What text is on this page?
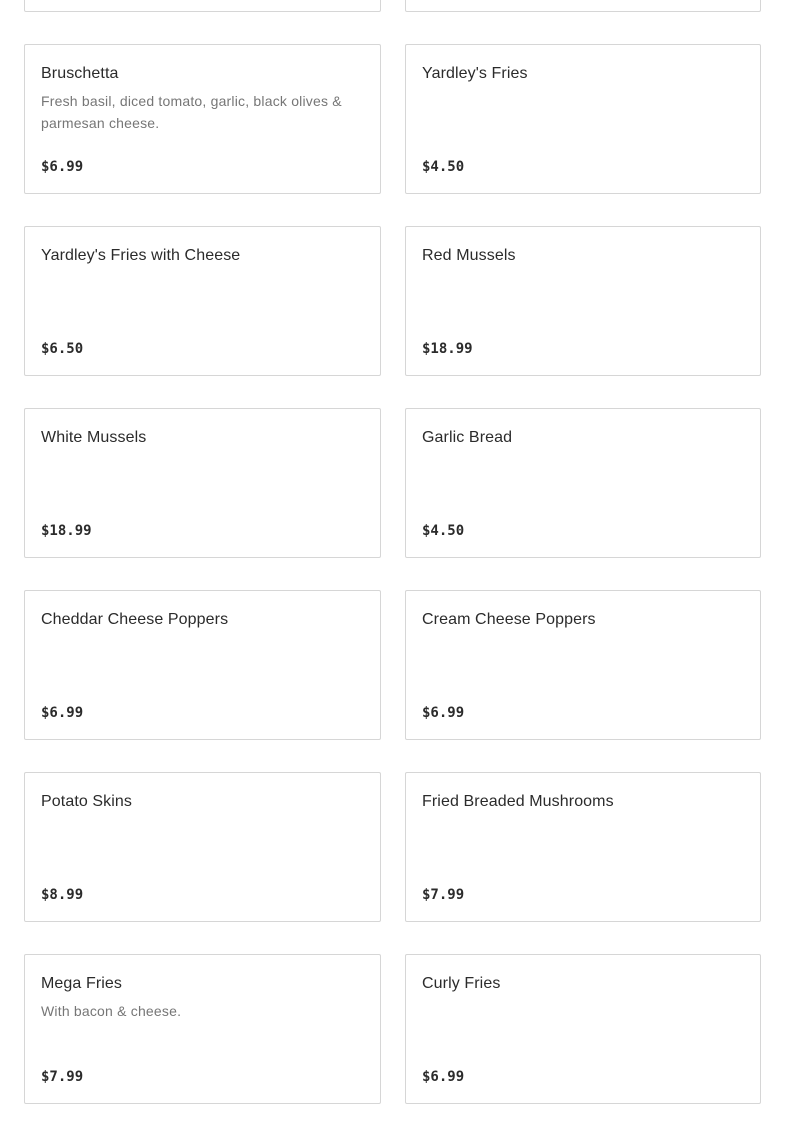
Bruschetta
Fresh basil, diced tomato, garlic, black olives & parmesan cheese.
$6.99
Yardley's Fries
$4.50
Yardley's Fries with Cheese
$6.50
Red Mussels
$18.99
White Mussels
$18.99
Garlic Bread
$4.50
Cheddar Cheese Poppers
$6.99
Cream Cheese Poppers
$6.99
Potato Skins
$8.99
Fried Breaded Mushrooms
$7.99
Mega Fries
With bacon & cheese.
$7.99
Curly Fries
$6.99
